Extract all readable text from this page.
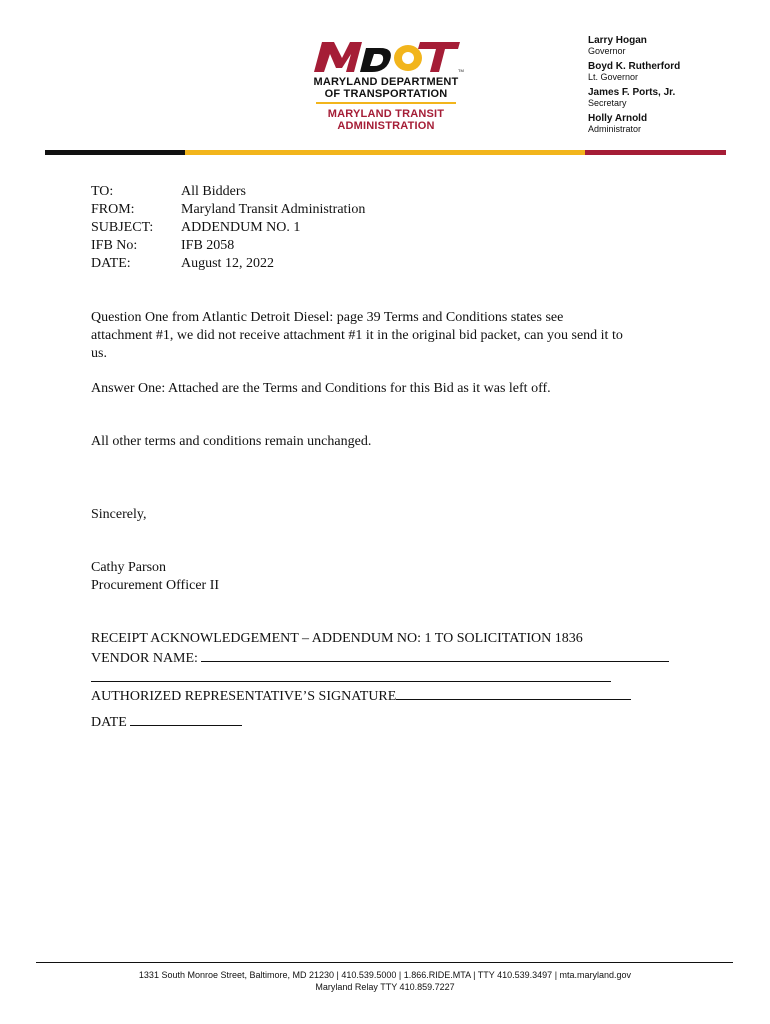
TM
MARYLAND DEPARTMENT
OF TRANSPORTATION
MARYLAND TRANSIT
ADMINISTRATION
Larry Hogan
Governor
Boyd K. Rutherford
Lt. Governor
James F. Ports, Jr.
Secretary
Holly Arnold
Administrator
TO:	All Bidders
FROM:	Maryland Transit Administration
SUBJECT:	ADDENDUM NO. 1
IFB No:	IFB 2058
DATE:	August 12, 2022
Question One from Atlantic Detroit Diesel: page 39 Terms and Conditions states see
attachment #1, we did not receive attachment #1 it in the original bid packet, can you send it to
us.
Answer One: Attached are the Terms and Conditions for this Bid as it was left off.
All other terms and conditions remain unchanged.
Sincerely,
Cathy Parson
Procurement Officer II
RECEIPT ACKNOWLEDGEMENT – ADDENDUM NO: 1 TO SOLICITATION 1836
VENDOR NAME:
AUTHORIZED REPRESENTATIVE’S SIGNATURE
DATE
1331 South Monroe Street, Baltimore, MD 21230 | 410.539.5000 | 1.866.RIDE.MTA | TTY 410.539.3497 | mta.maryland.gov
Maryland Relay TTY 410.859.7227
